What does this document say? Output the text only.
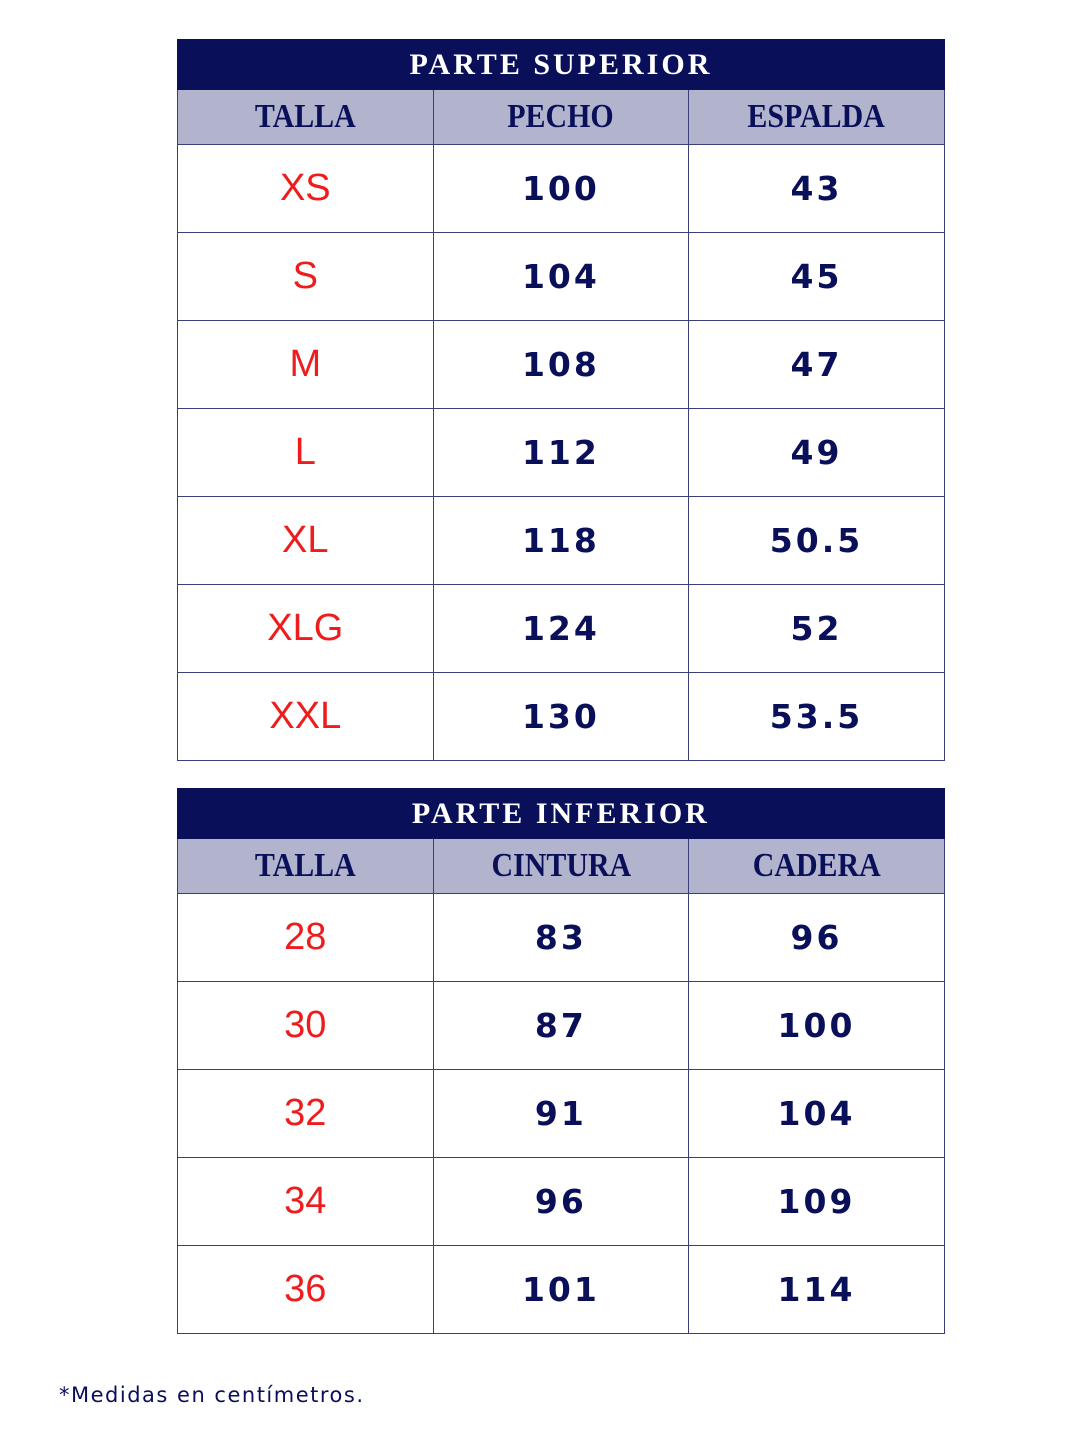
PARTE SUPERIOR		
TALLA	PECHO	ESPALDA
XS	100	43
S	104	45
M	108	47
L	112	49
XL	118	50.5
XLG	124	52
XXL	130	53.5
PARTE INFERIOR		
TALLA	CINTURA	CADERA
28	83	96
30	87	100
32	91	104
34	96	109
36	101	114

*Medidas en centímetros.
